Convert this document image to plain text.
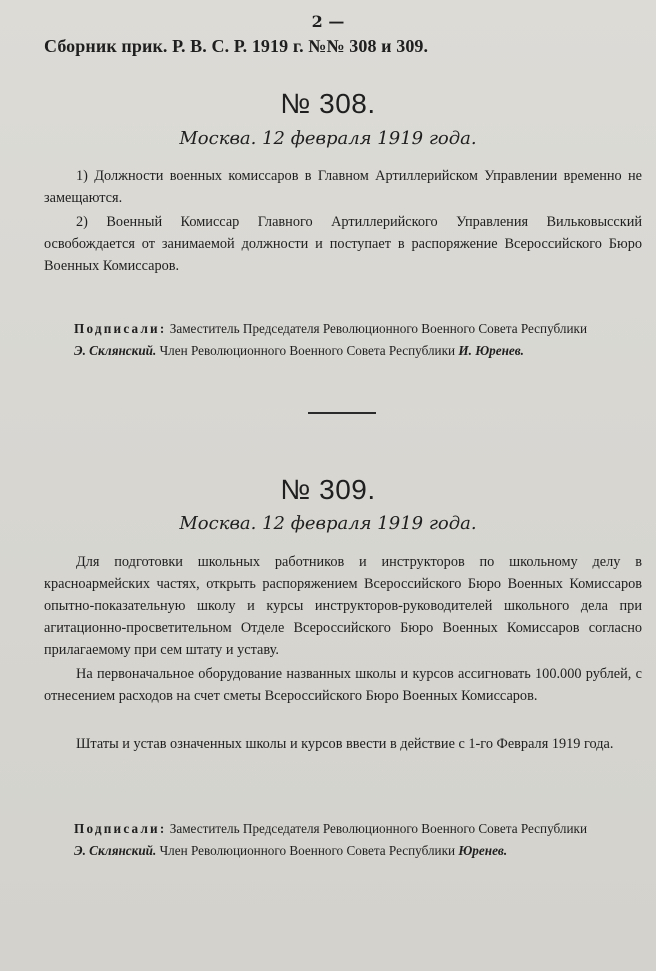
2 —
Сборник прик. Р. В. С. Р. 1919 г. №№ 308 и 309.
№ 308.
Москва. 12 февраля 1919 года.
1) Должности военных комиссаров в Главном Артиллерийском Управлении временно не замещаются.
2) Военный Комиссар Главного Артиллерийского Управления Вильковысский освобождается от занимаемой должности и поступает в распоряжение Всероссийского Бюро Военных Комиссаров.
Подписали: Заместитель Председателя Революционного Военного Совета Республики
Э. Склянский. Член Революционного Военного Совета Республики И. Юренев.
№ 309.
Москва. 12 февраля 1919 года.
Для подготовки школьных работников и инструкторов по школьному делу в красноармейских частях, открыть распоряжением Всероссийского Бюро Военных Комиссаров опытно-показательную школу и курсы инструкторов-руководителей школьного дела при агитационно-просветительном Отделе Всероссийского Бюро Военных Комиссаров согласно прилагаемому при сем штату и уставу.
На первоначальное оборудование названных школы и курсов ассигновать 100.000 рублей, с отнесением расходов на счет сметы Всероссийского Бюро Военных Комиссаров.
Штаты и устав означенных школы и курсов ввести в действие с 1-го Февраля 1919 года.
Подписали: Заместитель Председателя Революционного Военного Совета Республики
Э. Склянский. Член Революционного Военного Совета Республики Юренев.
